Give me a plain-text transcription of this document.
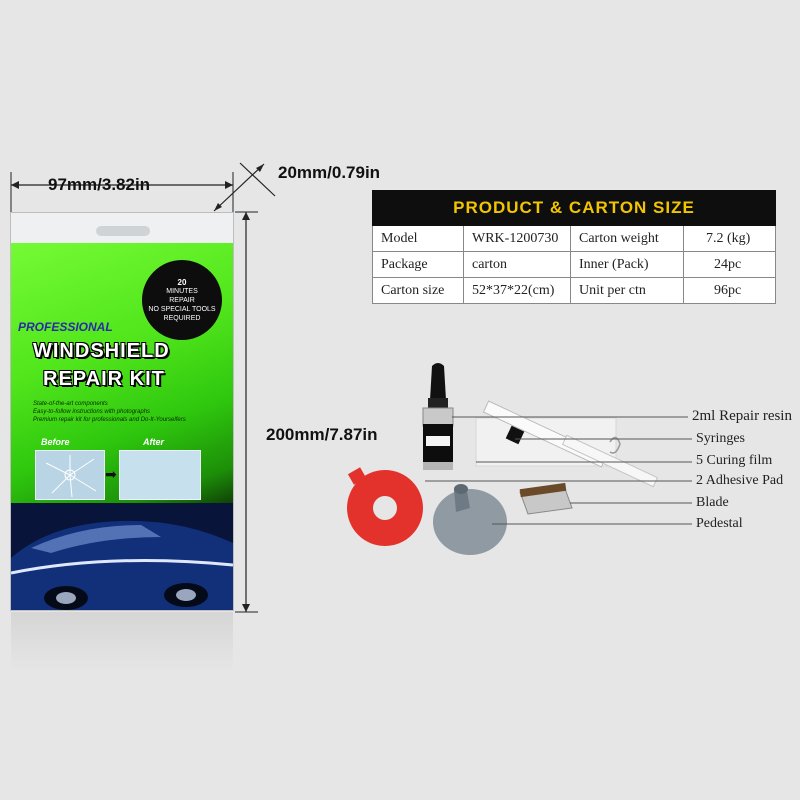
97mm/3.82in
20mm/0.79in
200mm/7.87in
20
MINUTES
REPAIR
NO SPECIAL TOOLS
REQUIRED
PROFESSIONAL
WINDSHIELD
REPAIR KIT
State-of-the-art components
Easy-to-follow instructions with photographs
Premium repair kit for professionals and Do-It-Yourselfers
Before	After
➡
PRODUCT & CARTON SIZE			
Model	WRK-1200730	Carton weight	7.2 (kg)
Package	carton	Inner (Pack)	24pc
Carton size	52*37*22(cm)	Unit per ctn	96pc
2ml Repair resin
Syringes
5 Curing film
2 Adhesive Pad
Blade
Pedestal
